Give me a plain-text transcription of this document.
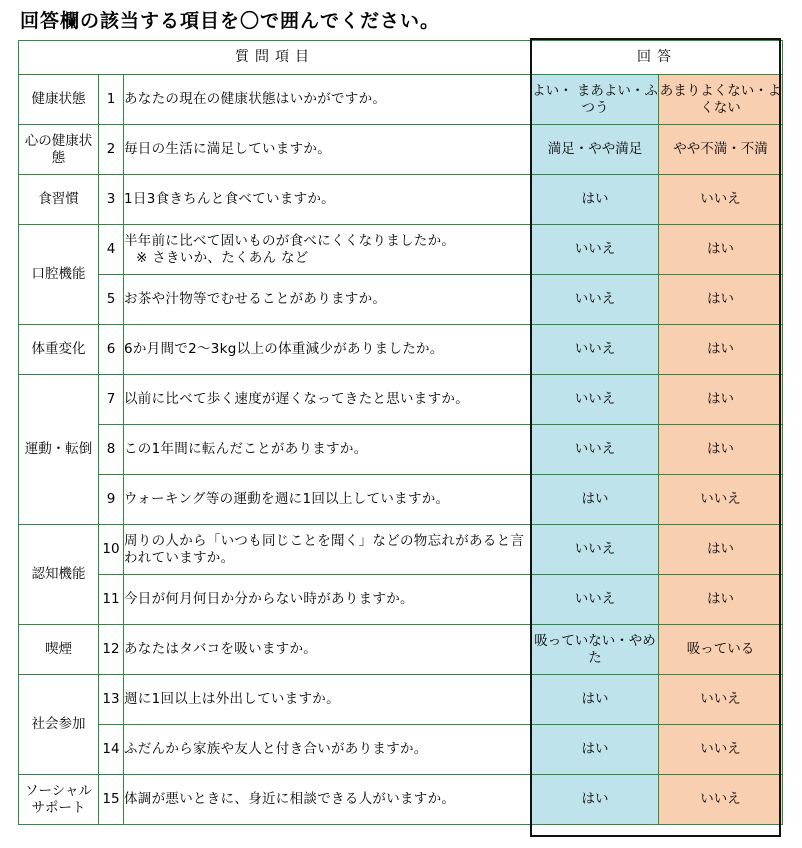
回答欄の該当する項目を〇で囲んでください。
質問項目			回答	
健康状態	1	あなたの現在の健康状態はいかがですか。	よい・ まあよい・ふつう	あまりよくない・よくない
心の健康状態	2	毎日の生活に満足していますか。	満足・やや満足	やや不満・不満
食習慣	3	1日3食きちんと食べていますか。	はい	いいえ
口腔機能	4	半年前に比べて固いものが食べにくくなりましたか。
※ さきいか、たくあん など	いいえ	はい
	5	お茶や汁物等でむせることがありますか。	いいえ	はい
体重変化	6	6か月間で2～3kg以上の体重減少がありましたか。	いいえ	はい
運動・転倒	7	以前に比べて歩く速度が遅くなってきたと思いますか。	いいえ	はい
	8	この1年間に転んだことがありますか。	いいえ	はい
	9	ウォーキング等の運動を週に1回以上していますか。	はい	いいえ
認知機能	10	周りの人から「いつも同じことを聞く」などの物忘れがあると言われていますか。	いいえ	はい
	11	今日が何月何日か分からない時がありますか。	いいえ	はい
喫煙	12	あなたはタバコを吸いますか。	吸っていない・やめた	吸っている
社会参加	13	週に1回以上は外出していますか。	はい	いいえ
	14	ふだんから家族や友人と付き合いがありますか。	はい	いいえ
ソーシャルサポート	15	体調が悪いときに、身近に相談できる人がいますか。	はい	いいえ
